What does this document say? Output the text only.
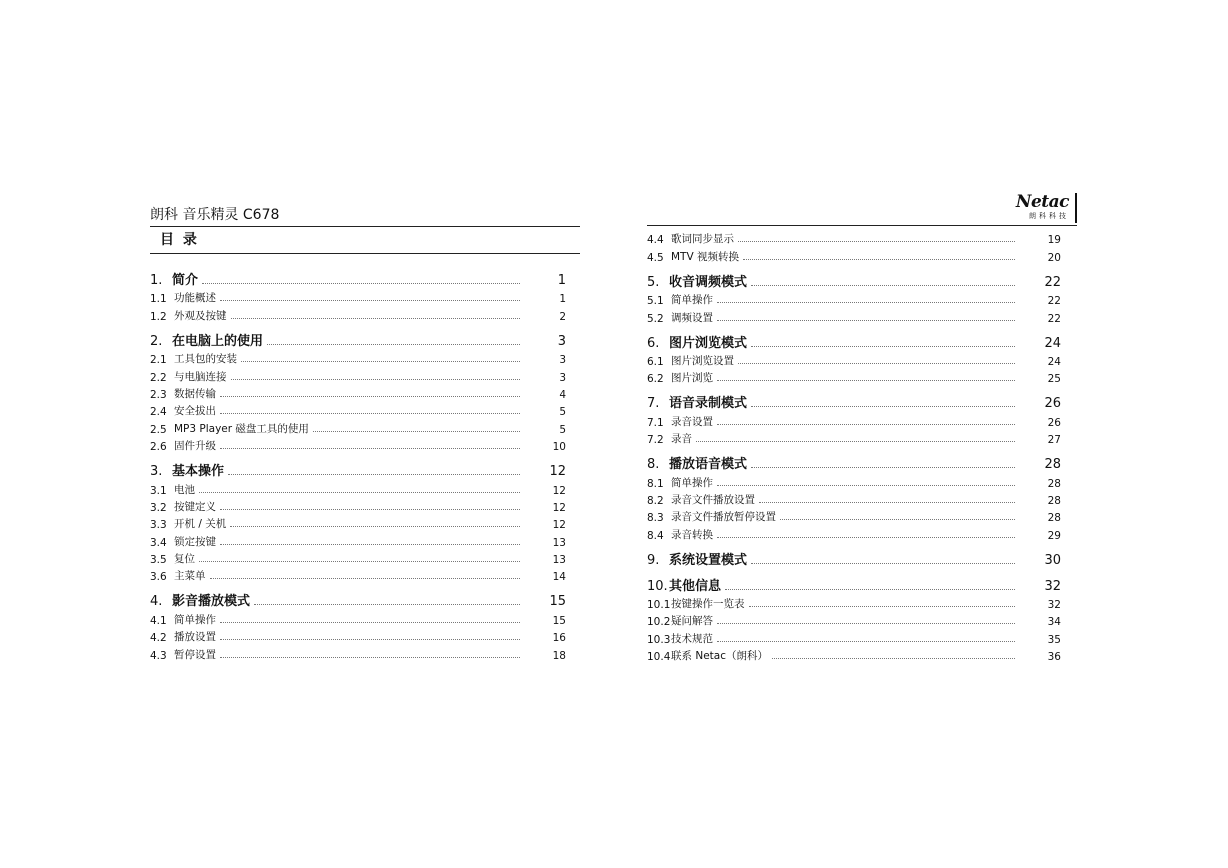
朗科 音乐精灵 C678
目 录
1. 简介	1
1.1 功能概述	1
1.2 外观及按键	2
2. 在电脑上的使用	3
2.1 工具包的安装	3
2.2 与电脑连接	3
2.3 数据传输	4
2.4 安全拔出	5
2.5 MP3 Player 磁盘工具的使用	5
2.6 固件升级	10
3. 基本操作	12
3.1 电池	12
3.2 按键定义	12
3.3 开机 / 关机	12
3.4 锁定按键	13
3.5 复位	13
3.6 主菜单	14
4. 影音播放模式	15
4.1 简单操作	15
4.2 播放设置	16
4.3 暂停设置	18
Netac
朗科科技
4.4 歌词同步显示	19
4.5 MTV 视频转换	20
5. 收音调频模式	22
5.1 简单操作	22
5.2 调频设置	22
6. 图片浏览模式	24
6.1 图片浏览设置	24
6.2 图片浏览	25
7. 语音录制模式	26
7.1 录音设置	26
7.2 录音	27
8. 播放语音模式	28
8.1 简单操作	28
8.2 录音文件播放设置	28
8.3 录音文件播放暂停设置	28
8.4 录音转换	29
9. 系统设置模式	30
10. 其他信息	32
10.1 按键操作一览表	32
10.2 疑问解答	34
10.3 技术规范	35
10.4 联系 Netac（朗科）	36
